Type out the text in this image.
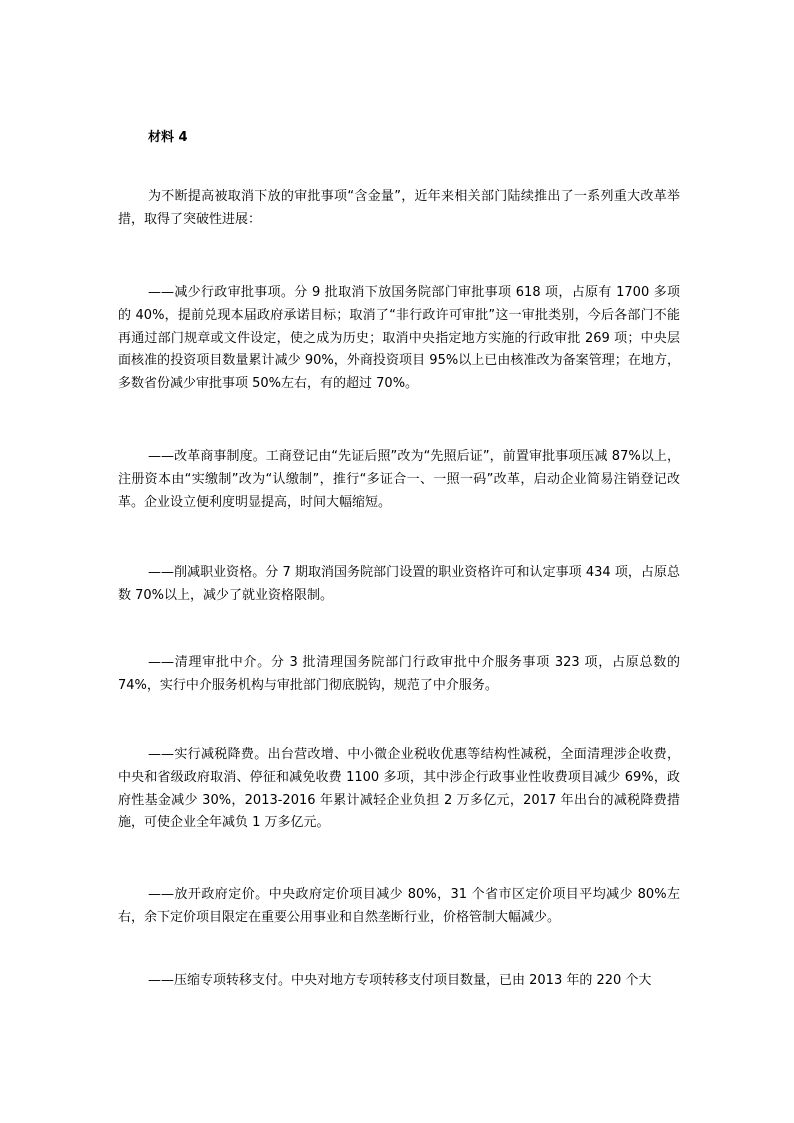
材料 4

为不断提高被取消下放的审批事项“含金量”，近年来相关部门陆续推出了一系列重大改革举措，取得了突破性进展：

——减少行政审批事项。分 9 批取消下放国务院部门审批事项 618 项，占原有 1700 多项的 40%，提前兑现本届政府承诺目标；取消了“非行政许可审批”这一审批类别，今后各部门不能再通过部门规章或文件设定，使之成为历史；取消中央指定地方实施的行政审批 269 项；中央层面核准的投资项目数量累计减少 90%，外商投资项目 95%以上已由核准改为备案管理；在地方，多数省份减少审批事项 50%左右，有的超过 70%。

——改革商事制度。工商登记由“先证后照”改为“先照后证”，前置审批事项压减 87%以上，注册资本由“实缴制”改为“认缴制”，推行“多证合一、一照一码”改革，启动企业简易注销登记改革。企业设立便利度明显提高，时间大幅缩短。

——削减职业资格。分 7 期取消国务院部门设置的职业资格许可和认定事项 434 项，占原总数 70%以上，减少了就业资格限制。

——清理审批中介。分 3 批清理国务院部门行政审批中介服务事项 323 项，占原总数的 74%，实行中介服务机构与审批部门彻底脱钩，规范了中介服务。

——实行减税降费。出台营改增、中小微企业税收优惠等结构性减税，全面清理涉企收费，中央和省级政府取消、停征和减免收费 1100 多项，其中涉企行政事业性收费项目减少 69%，政府性基金减少 30%，2013-2016 年累计减轻企业负担 2 万多亿元，2017 年出台的减税降费措施，可使企业全年减负 1 万多亿元。

——放开政府定价。中央政府定价项目减少 80%，31 个省市区定价项目平均减少 80%左右，余下定价项目限定在重要公用事业和自然垄断行业，价格管制大幅减少。

——压缩专项转移支付。中央对地方专项转移支付项目数量，已由 2013 年的 220 个大
